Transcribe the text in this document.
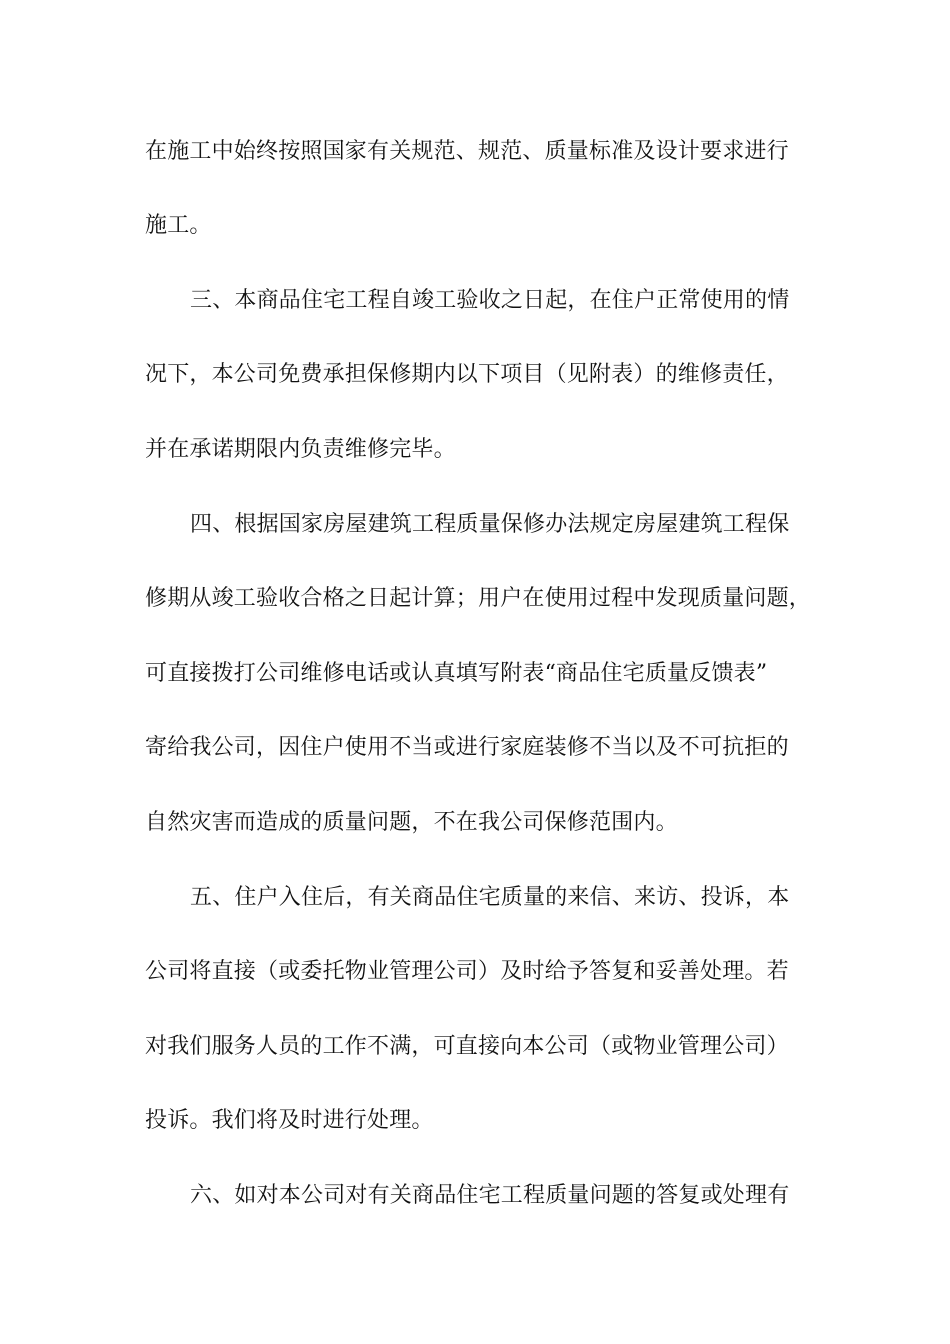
在施工中始终按照国家有关规范、规范、质量标准及设计要求进行
施工。
三、本商品住宅工程自竣工验收之日起，在住户正常使用的情
况下，本公司免费承担保修期内以下项目（见附表）的维修责任，
并在承诺期限内负责维修完毕。
四、根据国家房屋建筑工程质量保修办法规定房屋建筑工程保
修期从竣工验收合格之日起计算；用户在使用过程中发现质量问题，
可直接拨打公司维修电话或认真填写附表“商品住宅质量反馈表”
寄给我公司，因住户使用不当或进行家庭装修不当以及不可抗拒的
自然灾害而造成的质量问题，不在我公司保修范围内。
五、住户入住后，有关商品住宅质量的来信、来访、投诉，本
公司将直接（或委托物业管理公司）及时给予答复和妥善处理。若
对我们服务人员的工作不满，可直接向本公司（或物业管理公司）
投诉。我们将及时进行处理。
六、如对本公司对有关商品住宅工程质量问题的答复或处理有
